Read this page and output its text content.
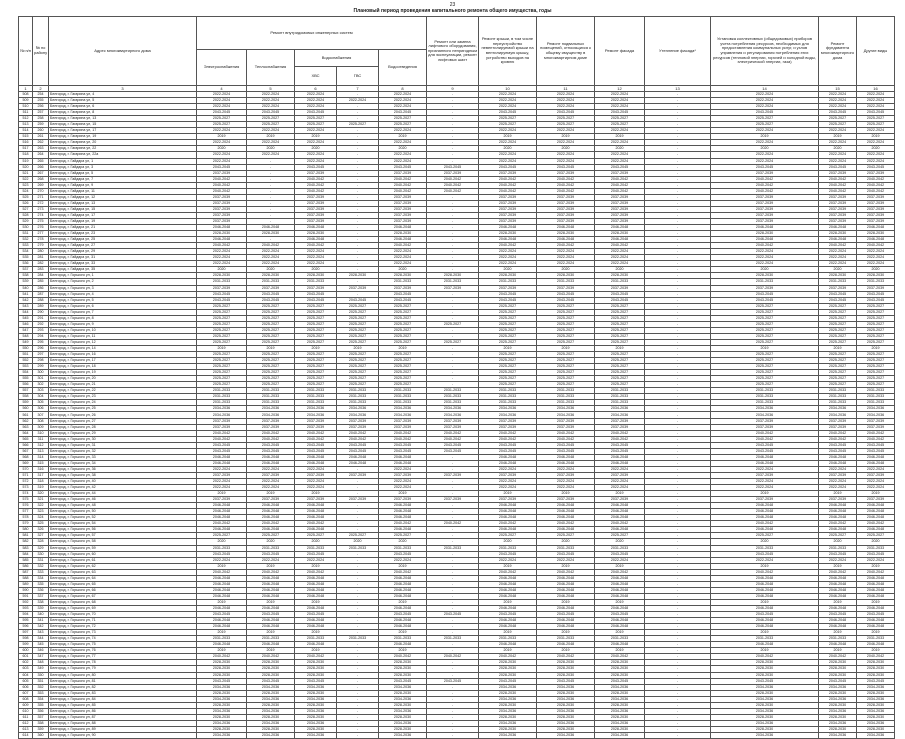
23
Плановый период проведения капитального ремонта общего имущества, годы
№ п/п	№ по району	Адрес многоквартирного дома	Ремонт внутридомовых инженерных систем					Ремонт или замена лифтового оборудования, признанного непригодным для эксплуатации, ремонт лифтовых шахт	Ремонт крыши, в том числе переустройство невентилируемой крыши на вентилируемую крышу, устройство выходов на кровлю	Ремонт подвальных помещений, относящихся к общему имуществу в многоквартирном доме	Ремонт фасада	Утепление фасада*	Установка коллективных (общедомовых) приборов учета потребления ресурсов, необходимых для предоставления коммунальных услуг, и узлов управления и регулирования потребления этих ресурсов (тепловой энергии, горячей и холодной воды, электрической энергии, газа)	Ремонт фундамента многоквартирного дома	Другие виды
			Электроснабжения	Теплоснабжения	Водоснабжения		Водоотведения								
					ХВС	ГВС									
1	2	3	4	5	6	7	8	9	10	11	12	13	14	15	16
508	254	Белгород, г. Гагарина ул, 4	2022-2024	2022-2024	2022-2024	-	2022-2024	-	2022-2024	2022-2024	2022-2024	-	2022-2024	2022-2024	2022-2024
509	255	Белгород, г. Гагарина ул, 5	2022-2024	2022-2024	2022-2024	2022-2024	2022-2024	-	2022-2024	2022-2024	2022-2024	-	2022-2024	2022-2024	2022-2024
510	256	Белгород, г. Гагарина ул, 6	2022-2024	2022-2024	2022-2024	-	2022-2024	-	2022-2024	2022-2024	2022-2024	-	2022-2024	2022-2024	2022-2024
511	257	Белгород, г. Гагарина ул, 8	2043-2045	2043-2045	2043-2045	-	2043-2045	-	2043-2045	2043-2045	2043-2045	-	2043-2045	2043-2045	2043-2045
512	258	Белгород, г. Гагарина ул, 13	2025-2027	2025-2027	2025-2027	-	2025-2027	-	2025-2027	2025-2027	2025-2027	-	2025-2027	2025-2027	2025-2027
513	259	Белгород, г. Гагарина ул, 15	2025-2027	2025-2027	2025-2027	2025-2027	2025-2027	-	2025-2027	2025-2027	2025-2027	-	2025-2027	2025-2027	2025-2027
514	260	Белгород, г. Гагарина ул, 17	2022-2024	2022-2024	2022-2024	-	2022-2024	-	2022-2024	2022-2024	2022-2024	-	2022-2024	2022-2024	2022-2024
515	261	Белгород, г. Гагарина ул, 19	2019	2019	2019	-	2019	-	2019	2019	2019	-	2019	2019	2019
516	262	Белгород, г. Гагарина ул, 20	2022-2024	2022-2024	2022-2024	-	2022-2024	-	2022-2024	2022-2024	2022-2024	-	2022-2024	2022-2024	2022-2024
517	263	Белгород, г. Гагарина ул, 22	2020	2020	2020	-	2020	-	2020	2020	2020	-	2020	2020	2020
518	264	Белгород, г. Гагарина ул, 22а	2022-2024	2022-2024	2022-2024	-	2022-2024	-	2022-2024	2022-2024	2022-2024	-	2022-2024	2022-2024	2022-2024
519	265	Белгород, г. Гайдара ул, 1	2022-2024	-	2022-2024	-	2022-2024	-	2022-2024	2022-2024	2022-2024	-	2022-2024	2022-2024	2022-2024
520	266	Белгород, г. Гайдара ул, 3	2043-2045	-	2043-2045	-	2043-2045	2043-2045	2043-2045	2043-2045	2043-2045	-	2043-2045	2043-2045	2043-2045
521	267	Белгород, г. Гайдара ул, 5	2037-2039	-	2037-2039	-	2037-2039	2037-2039	2037-2039	2037-2039	2037-2039	-	2037-2039	2037-2039	2037-2039
522	268	Белгород, г. Гайдара ул, 7	2040-2042	-	2040-2042	-	2040-2042	2040-2042	2040-2042	2040-2042	2040-2042	-	2040-2042	2040-2042	2040-2042
523	269	Белгород, г. Гайдара ул, 9	2040-2042	-	2040-2042	-	2040-2042	2040-2042	2040-2042	2040-2042	2040-2042	-	2040-2042	2040-2042	2040-2042
524	270	Белгород, г. Гайдара ул, 11	2040-2042	-	2040-2042	-	2040-2042	2040-2042	2040-2042	2040-2042	2040-2042	-	2040-2042	2040-2042	2040-2042
525	271	Белгород, г. Гайдара ул, 12	2037-2039	-	2037-2039	-	2037-2039	-	2037-2039	2037-2039	2037-2039	-	2037-2039	2037-2039	2037-2039
526	272	Белгород, г. Гайдара ул, 13	2037-2039	-	2037-2039	-	2037-2039	-	2037-2039	2037-2039	2037-2039	-	2037-2039	2037-2039	2037-2039
527	273	Белгород, г. Гайдара ул, 15	2037-2039	-	2037-2039	-	2037-2039	-	2037-2039	2037-2039	2037-2039	-	2037-2039	2037-2039	2037-2039
528	274	Белгород, г. Гайдара ул, 17	2037-2039	-	2037-2039	-	2037-2039	-	2037-2039	2037-2039	2037-2039	-	2037-2039	2037-2039	2037-2039
529	275	Белгород, г. Гайдара ул, 19	2037-2039	-	2037-2039	-	2037-2039	-	2037-2039	2037-2039	2037-2039	-	2037-2039	2037-2039	2037-2039
530	276	Белгород, г. Гайдара ул, 21	2046-2048	2046-2048	2046-2048	-	2046-2048	-	2046-2048	2046-2048	2046-2048	-	2046-2048	2046-2048	2046-2048
531	277	Белгород, г. Гайдара ул, 23	2028-2030	2028-2030	2028-2030	-	2028-2030	-	2028-2030	2028-2030	2028-2030	-	2028-2030	2028-2030	2028-2030
532	278	Белгород, г. Гайдара ул, 25	2046-2048	-	2046-2048	-	2046-2048	-	2046-2048	2046-2048	2046-2048	-	2046-2048	2046-2048	2046-2048
533	279	Белгород, г. Гайдара ул, 27	2040-2042	2040-2042	2040-2042	-	2040-2042	-	2040-2042	2040-2042	2040-2042	-	2040-2042	2040-2042	2040-2042
534	280	Белгород, г. Гайдара ул, 29	2022-2024	2022-2024	2022-2024	-	2022-2024	-	2022-2024	2022-2024	2022-2024	-	2022-2024	2022-2024	2022-2024
535	281	Белгород, г. Гайдара ул, 31	2022-2024	2022-2024	2022-2024	-	2022-2024	-	2022-2024	2022-2024	2022-2024	-	2022-2024	2022-2024	2022-2024
536	282	Белгород, г. Гайдара ул, 33	2022-2024	2022-2024	2022-2024	-	2022-2024	-	2022-2024	2022-2024	2022-2024	-	2022-2024	2022-2024	2022-2024
537	283	Белгород, г. Гайдара ул, 35	2020	2020	2020	-	2020	-	2020	2020	2020	-	2020	2020	2020
538	284	Белгород, г. Горького ул, 1	2028-2030	2028-2030	2028-2030	2028-2030	2028-2030	2028-2030	2028-2030	2028-2030	2028-2030	-	2028-2030	2028-2030	2028-2030
539	285	Белгород, г. Горького ул, 2	2031-2033	2031-2033	2031-2033	-	2031-2033	2031-2033	2031-2033	2031-2033	2031-2033	-	2031-2033	2031-2033	2031-2033
540	286	Белгород, г. Горького ул, 3	2037-2039	2037-2039	2037-2039	2037-2039	2037-2039	2037-2039	2037-2039	2037-2039	2037-2039	-	2037-2039	2037-2039	2037-2039
541	287	Белгород, г. Горького ул, 4	2043-2045	2043-2045	2043-2045	-	2043-2045	-	2043-2045	2043-2045	2043-2045	-	2043-2045	2043-2045	2043-2045
542	288	Белгород, г. Горького ул, 5	2043-2045	2043-2045	2043-2045	2043-2045	2043-2045	-	2043-2045	2043-2045	2043-2045	-	2043-2045	2043-2045	2043-2045
543	289	Белгород, г. Горького ул, 6	2025-2027	2025-2027	2025-2027	2025-2027	2025-2027	-	2025-2027	2025-2027	2025-2027	-	2025-2027	2025-2027	2025-2027
544	290	Белгород, г. Горького ул, 7	2025-2027	2025-2027	2025-2027	2025-2027	2025-2027	-	2025-2027	2025-2027	2025-2027	-	2025-2027	2025-2027	2025-2027
545	291	Белгород, г. Горького ул, 8	2025-2027	2025-2027	2025-2027	2025-2027	2025-2027	-	2025-2027	2025-2027	2025-2027	-	2025-2027	2025-2027	2025-2027
546	292	Белгород, г. Горького ул, 9	2025-2027	2025-2027	2025-2027	2025-2027	2025-2027	2025-2027	2025-2027	2025-2027	2025-2027	-	2025-2027	2025-2027	2025-2027
547	293	Белгород, г. Горького ул, 10	2025-2027	2025-2027	2025-2027	2025-2027	2025-2027	-	2025-2027	2025-2027	2025-2027	-	2025-2027	2025-2027	2025-2027
548	294	Белгород, г. Горького ул, 11	2025-2027	2025-2027	2025-2027	2025-2027	2025-2027	-	2025-2027	2025-2027	2025-2027	-	2025-2027	2025-2027	2025-2027
549	295	Белгород, г. Горького ул, 12	2025-2027	2025-2027	2025-2027	2025-2027	2025-2027	2025-2027	2025-2027	2025-2027	2025-2027	-	2025-2027	2025-2027	2025-2027
550	296	Белгород, г. Горького ул, 14	2019	2019	2019	2019	2019	-	2019	2019	2019	-	2019	2019	2019
551	297	Белгород, г. Горького ул, 16	2025-2027	2025-2027	2025-2027	2025-2027	2025-2027	-	2025-2027	2025-2027	2025-2027	-	2025-2027	2025-2027	2025-2027
552	298	Белгород, г. Горького ул, 17	2025-2027	2025-2027	2025-2027	2025-2027	2025-2027	-	2025-2027	2025-2027	2025-2027	-	2025-2027	2025-2027	2025-2027
553	299	Белгород, г. Горького ул, 18	2025-2027	2025-2027	2025-2027	2025-2027	2025-2027	-	2025-2027	2025-2027	2025-2027	-	2025-2027	2025-2027	2025-2027
554	300	Белгород, г. Горького ул, 19	2025-2027	2025-2027	2025-2027	2025-2027	2025-2027	-	2025-2027	2025-2027	2025-2027	-	2025-2027	2025-2027	2025-2027
555	301	Белгород, г. Горького ул, 20	2025-2027	2025-2027	2025-2027	2025-2027	2025-2027	-	2025-2027	2025-2027	2025-2027	-	2025-2027	2025-2027	2025-2027
556	302	Белгород, г. Горького ул, 21	2025-2027	2025-2027	2025-2027	2025-2027	2025-2027	-	2025-2027	2025-2027	2025-2027	-	2025-2027	2025-2027	2025-2027
557	303	Белгород, г. Горького ул, 22	2031-2033	2031-2033	2031-2033	2031-2033	2031-2033	2031-2033	2031-2033	2031-2033	2031-2033	-	2031-2033	2031-2033	2031-2033
558	304	Белгород, г. Горького ул, 23	2031-2033	2031-2033	2031-2033	2031-2033	2031-2033	2031-2033	2031-2033	2031-2033	2031-2033	-	2031-2033	2031-2033	2031-2033
559	305	Белгород, г. Горького ул, 24	2031-2033	2031-2033	2031-2033	2031-2033	2031-2033	2031-2033	2031-2033	2031-2033	2031-2033	-	2031-2033	2031-2033	2031-2033
560	306	Белгород, г. Горького ул, 25	2034-2036	2034-2036	2034-2036	2034-2036	2034-2036	2034-2036	2034-2036	2034-2036	2034-2036	-	2034-2036	2034-2036	2034-2036
561	307	Белгород, г. Горького ул, 26	2034-2036	2034-2036	2034-2036	2034-2036	2034-2036	2034-2036	2034-2036	2034-2036	2034-2036	-	2034-2036	2034-2036	2034-2036
562	308	Белгород, г. Горького ул, 27	2037-2039	2037-2039	2037-2039	2037-2039	2037-2039	2037-2039	2037-2039	2037-2039	2037-2039	-	2037-2039	2037-2039	2037-2039
563	309	Белгород, г. Горького ул, 28	2037-2039	2037-2039	2037-2039	2037-2039	2037-2039	2037-2039	2037-2039	2037-2039	2037-2039	-	2037-2039	2037-2039	2037-2039
564	310	Белгород, г. Горького ул, 29	2040-2042	2040-2042	2040-2042	2040-2042	2040-2042	2040-2042	2040-2042	2040-2042	2040-2042	-	2040-2042	2040-2042	2040-2042
565	311	Белгород, г. Горького ул, 30	2040-2042	2040-2042	2040-2042	2040-2042	2040-2042	2040-2042	2040-2042	2040-2042	2040-2042	-	2040-2042	2040-2042	2040-2042
566	312	Белгород, г. Горького ул, 31	2043-2045	2043-2045	2043-2045	2043-2045	2043-2045	2043-2045	2043-2045	2043-2045	2043-2045	-	2043-2045	2043-2045	2043-2045
567	313	Белгород, г. Горького ул, 32	2043-2045	2043-2045	2043-2045	2043-2045	2043-2045	2043-2045	2043-2045	2043-2045	2043-2045	-	2043-2045	2043-2045	2043-2045
568	314	Белгород, г. Горького ул, 33	2046-2048	2046-2048	2046-2048	2046-2048	2046-2048	-	2046-2048	2046-2048	2046-2048	-	2046-2048	2046-2048	2046-2048
569	315	Белгород, г. Горького ул, 34	2046-2048	2046-2048	2046-2048	2046-2048	2046-2048	-	2046-2048	2046-2048	2046-2048	-	2046-2048	2046-2048	2046-2048
570	316	Белгород, г. Горького ул, 36	2022-2024	2022-2024	2022-2024	-	2022-2024	-	2022-2024	2022-2024	2022-2024	-	2022-2024	2022-2024	2022-2024
571	317	Белгород, г. Горького ул, 38	2037-2039	2037-2039	2037-2039	2037-2039	2037-2039	2037-2039	2037-2039	2037-2039	2037-2039	-	2037-2039	2037-2039	2037-2039
572	318	Белгород, г. Горького ул, 40	2022-2024	2022-2024	2022-2024	-	2022-2024	-	2022-2024	2022-2024	2022-2024	-	2022-2024	2022-2024	2022-2024
573	319	Белгород, г. Горького ул, 42	2022-2024	2022-2024	2022-2024	-	2022-2024	-	2022-2024	2022-2024	2022-2024	-	2022-2024	2022-2024	2022-2024
574	320	Белгород, г. Горького ул, 44	2019	2019	2019	-	2019	-	2019	2019	2019	-	2019	2019	2019
575	321	Белгород, г. Горького ул, 46	2037-2039	2037-2039	2037-2039	2037-2039	2037-2039	2037-2039	2037-2039	2037-2039	2037-2039	-	2037-2039	2037-2039	2037-2039
576	322	Белгород, г. Горького ул, 48	2046-2048	2046-2048	2046-2048	-	2046-2048	-	2046-2048	2046-2048	2046-2048	-	2046-2048	2046-2048	2046-2048
577	323	Белгород, г. Горького ул, 50	2046-2048	2046-2048	2046-2048	-	2046-2048	-	2046-2048	2046-2048	2046-2048	-	2046-2048	2046-2048	2046-2048
578	324	Белгород, г. Горького ул, 52	2046-2048	2046-2048	2046-2048	-	2046-2048	-	2046-2048	2046-2048	2046-2048	-	2046-2048	2046-2048	2046-2048
579	325	Белгород, г. Горького ул, 54	2040-2042	2040-2042	2040-2042	-	2040-2042	2040-2042	2040-2042	2040-2042	2040-2042	-	2040-2042	2040-2042	2040-2042
580	326	Белгород, г. Горького ул, 56	2046-2048	2046-2048	2046-2048	-	2046-2048	-	2046-2048	2046-2048	2046-2048	-	2046-2048	2046-2048	2046-2048
581	327	Белгород, г. Горького ул, 57	2025-2027	2025-2027	2025-2027	2025-2027	2025-2027	-	2025-2027	2025-2027	2025-2027	-	2025-2027	2025-2027	2025-2027
582	328	Белгород, г. Горького ул, 58	2020	2020	2020	2020	2020	-	2020	2020	2020	-	2020	2020	2020
583	329	Белгород, г. Горького ул, 59	2031-2033	2031-2033	2031-2033	2031-2033	2031-2033	2031-2033	2031-2033	2031-2033	2031-2033	-	2031-2033	2031-2033	2031-2033
584	330	Белгород, г. Горького ул, 60	2043-2045	2043-2045	2043-2045	-	2043-2045	-	2043-2045	2043-2045	2043-2045	-	2043-2045	2043-2045	2043-2045
585	331	Белгород, г. Горького ул, 61	2022-2024	2022-2024	2022-2024	-	2022-2024	-	2022-2024	2022-2024	2022-2024	-	2022-2024	2022-2024	2022-2024
586	332	Белгород, г. Горького ул, 62	2019	2019	2019	-	2019	-	2019	2019	2019	-	2019	2019	2019
587	333	Белгород, г. Горького ул, 63	2040-2042	2040-2042	2040-2042	-	2040-2042	-	2040-2042	2040-2042	2040-2042	-	2040-2042	2040-2042	2040-2042
588	334	Белгород, г. Горького ул, 64	2046-2048	2046-2048	2046-2048	-	2046-2048	-	2046-2048	2046-2048	2046-2048	-	2046-2048	2046-2048	2046-2048
589	335	Белгород, г. Горького ул, 65	2046-2048	2046-2048	2046-2048	-	2046-2048	-	2046-2048	2046-2048	2046-2048	-	2046-2048	2046-2048	2046-2048
590	336	Белгород, г. Горького ул, 66	2046-2048	2046-2048	2046-2048	-	2046-2048	-	2046-2048	2046-2048	2046-2048	-	2046-2048	2046-2048	2046-2048
591	337	Белгород, г. Горького ул, 67	2046-2048	2046-2048	2046-2048	-	2046-2048	-	2046-2048	2046-2048	2046-2048	-	2046-2048	2046-2048	2046-2048
592	338	Белгород, г. Горького ул, 68	2019	2019	2019	-	2019	-	2019	2019	2019	-	2019	2019	2019
593	339	Белгород, г. Горького ул, 69	2046-2048	2046-2048	2046-2048	-	2046-2048	-	2046-2048	2046-2048	2046-2048	-	2046-2048	2046-2048	2046-2048
594	340	Белгород, г. Горького ул, 70	2043-2045	2043-2045	2043-2045	-	2043-2045	2043-2045	2043-2045	2043-2045	2043-2045	-	2043-2045	2043-2045	2043-2045
595	341	Белгород, г. Горького ул, 71	2046-2048	2046-2048	2046-2048	-	2046-2048	-	2046-2048	2046-2048	2046-2048	-	2046-2048	2046-2048	2046-2048
596	342	Белгород, г. Горького ул, 72	2046-2048	2046-2048	2046-2048	-	2046-2048	-	2046-2048	2046-2048	2046-2048	-	2046-2048	2046-2048	2046-2048
597	343	Белгород, г. Горького ул, 73	2019	2019	2019	-	2019	-	2019	2019	2019	-	2019	2019	2019
598	344	Белгород, г. Горького ул, 74	2031-2033	2031-2033	2031-2033	2031-2033	2031-2033	2031-2033	2031-2033	2031-2033	2031-2033	-	2031-2033	2031-2033	2031-2033
599	345	Белгород, г. Горького ул, 75	2046-2048	2046-2048	2046-2048	-	2046-2048	-	2046-2048	2046-2048	2046-2048	-	2046-2048	2046-2048	2046-2048
600	346	Белгород, г. Горького ул, 76	2019	2019	2019	-	2019	-	2019	2019	2019	-	2019	2019	2019
601	347	Белгород, г. Горького ул, 77	2040-2042	2040-2042	2040-2042	-	2040-2042	2040-2042	2040-2042	2040-2042	2040-2042	-	2040-2042	2040-2042	2040-2042
602	348	Белгород, г. Горького ул, 78	2028-2030	2028-2030	2028-2030	-	2028-2030	-	2028-2030	2028-2030	2028-2030	-	2028-2030	2028-2030	2028-2030
603	349	Белгород, г. Горького ул, 79	2028-2030	2028-2030	2028-2030	-	2028-2030	-	2028-2030	2028-2030	2028-2030	-	2028-2030	2028-2030	2028-2030
604	350	Белгород, г. Горького ул, 80	2028-2030	2028-2030	2028-2030	-	2028-2030	-	2028-2030	2028-2030	2028-2030	-	2028-2030	2028-2030	2028-2030
605	351	Белгород, г. Горького ул, 81	2043-2045	2043-2045	2043-2045	-	2043-2045	2043-2045	2043-2045	2043-2045	2043-2045	-	2043-2045	2043-2045	2043-2045
606	352	Белгород, г. Горького ул, 82	2034-2036	2034-2036	2034-2036	-	2034-2036	-	2034-2036	2034-2036	2034-2036	-	2034-2036	2034-2036	2034-2036
607	353	Белгород, г. Горького ул, 83	2028-2030	2028-2030	2028-2030	-	2028-2030	-	2028-2030	2028-2030	2028-2030	-	2028-2030	2028-2030	2028-2030
608	354	Белгород, г. Горького ул, 84	2034-2036	2034-2036	2034-2036	-	2034-2036	-	2034-2036	2034-2036	2034-2036	-	2034-2036	2034-2036	2034-2036
609	355	Белгород, г. Горького ул, 85	2028-2030	2028-2030	2028-2030	-	2028-2030	-	2028-2030	2028-2030	2028-2030	-	2028-2030	2028-2030	2028-2030
610	356	Белгород, г. Горького ул, 86	2034-2036	2034-2036	2034-2036	-	2034-2036	-	2034-2036	2034-2036	2034-2036	-	2034-2036	2034-2036	2034-2036
611	357	Белгород, г. Горького ул, 87	2028-2030	2028-2030	2028-2030	-	2028-2030	-	2028-2030	2028-2030	2028-2030	-	2028-2030	2028-2030	2028-2030
612	358	Белгород, г. Горького ул, 88	2034-2036	2034-2036	2034-2036	-	2034-2036	-	2034-2036	2034-2036	2034-2036	-	2034-2036	2034-2036	2034-2036
613	359	Белгород, г. Горького ул, 89	2028-2030	2028-2030	2028-2030	-	2028-2030	-	2028-2030	2028-2030	2028-2030	-	2028-2030	2028-2030	2028-2030
614	360	Белгород, г. Горького ул, 90	2034-2036	2034-2036	2034-2036	-	2034-2036	-	2034-2036	2034-2036	2034-2036	-	2034-2036	2034-2036	2034-2036
